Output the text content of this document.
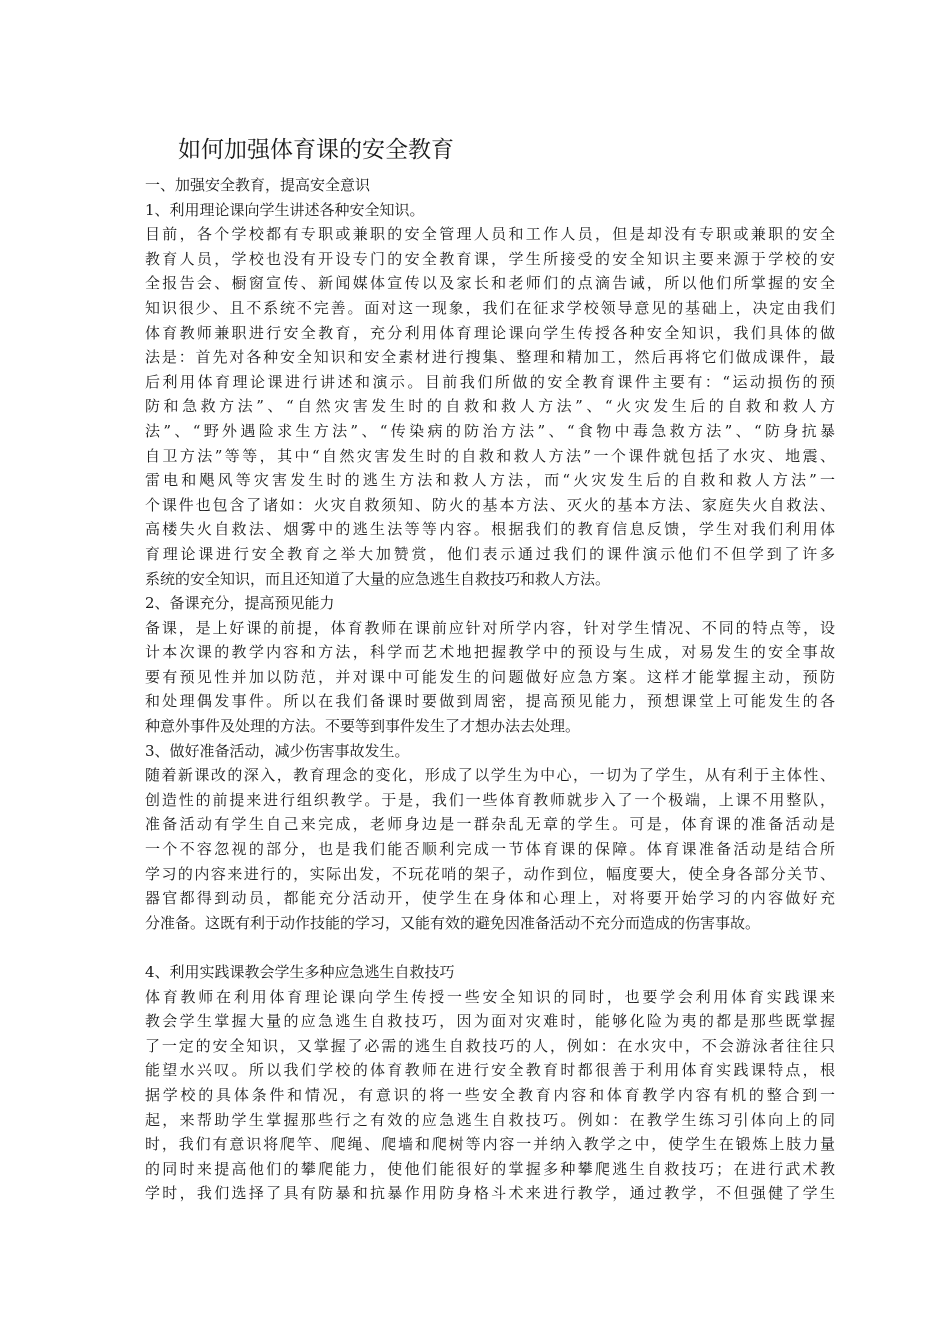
如何加强体育课的安全教育
一、加强安全教育，提高安全意识
1、利用理论课向学生讲述各种安全知识。
目前，各个学校都有专职或兼职的安全管理人员和工作人员，但是却没有专职或兼职的安全
教育人员，学校也没有开设专门的安全教育课，学生所接受的安全知识主要来源于学校的安
全报告会、橱窗宣传、新闻媒体宣传以及家长和老师们的点滴告诫，所以他们所掌握的安全
知识很少、且不系统不完善。面对这一现象，我们在征求学校领导意见的基础上，决定由我们
体育教师兼职进行安全教育，充分利用体育理论课向学生传授各种安全知识，我们具体的做
法是：首先对各种安全知识和安全素材进行搜集、整理和精加工，然后再将它们做成课件，最
后利用体育理论课进行讲述和演示。目前我们所做的安全教育课件主要有：“运动损伤的预
防和急救方法”、“自然灾害发生时的自救和救人方法”、“火灾发生后的自救和救人方
法”、“野外遇险求生方法”、“传染病的防治方法”、“食物中毒急救方法”、“防身抗暴
自卫方法”等等，其中“自然灾害发生时的自救和救人方法”一个课件就包括了水灾、地震、
雷电和飓风等灾害发生时的逃生方法和救人方法，而“火灾发生后的自救和救人方法”一
个课件也包含了诸如：火灾自救须知、防火的基本方法、灭火的基本方法、家庭失火自救法、
高楼失火自救法、烟雾中的逃生法等等内容。根据我们的教育信息反馈，学生对我们利用体
育理论课进行安全教育之举大加赞赏，他们表示通过我们的课件演示他们不但学到了许多
系统的安全知识，而且还知道了大量的应急逃生自救技巧和救人方法。
2、备课充分，提高预见能力
备课，是上好课的前提，体育教师在课前应针对所学内容，针对学生情况、不同的特点等，设
计本次课的教学内容和方法，科学而艺术地把握教学中的预设与生成，对易发生的安全事故
要有预见性并加以防范，并对课中可能发生的问题做好应急方案。这样才能掌握主动，预防
和处理偶发事件。所以在我们备课时要做到周密，提高预见能力，预想课堂上可能发生的各
种意外事件及处理的方法。不要等到事件发生了才想办法去处理。
3、做好准备活动，减少伤害事故发生。
随着新课改的深入，教育理念的变化，形成了以学生为中心，一切为了学生，从有利于主体性、
创造性的前提来进行组织教学。于是，我们一些体育教师就步入了一个极端，上课不用整队，
准备活动有学生自己来完成，老师身边是一群杂乱无章的学生。可是，体育课的准备活动是
一个不容忽视的部分，也是我们能否顺利完成一节体育课的保障。体育课准备活动是结合所
学习的内容来进行的，实际出发，不玩花哨的架子，动作到位，幅度要大，使全身各部分关节、
器官都得到动员，都能充分活动开，使学生在身体和心理上，对将要开始学习的内容做好充
分准备。这既有利于动作技能的学习，又能有效的避免因准备活动不充分而造成的伤害事故。
4、利用实践课教会学生多种应急逃生自救技巧
体育教师在利用体育理论课向学生传授一些安全知识的同时，也要学会利用体育实践课来
教会学生掌握大量的应急逃生自救技巧，因为面对灾难时，能够化险为夷的都是那些既掌握
了一定的安全知识，又掌握了必需的逃生自救技巧的人，例如：在水灾中，不会游泳者往往只
能望水兴叹。所以我们学校的体育教师在进行安全教育时都很善于利用体育实践课特点，根
据学校的具体条件和情况，有意识的将一些安全教育内容和体育教学内容有机的整合到一
起，来帮助学生掌握那些行之有效的应急逃生自救技巧。例如：在教学生练习引体向上的同
时，我们有意识将爬竿、爬绳、爬墙和爬树等内容一并纳入教学之中，使学生在锻炼上肢力量
的同时来提高他们的攀爬能力，使他们能很好的掌握多种攀爬逃生自救技巧；在进行武术教
学时，我们选择了具有防暴和抗暴作用防身格斗术来进行教学，通过教学，不但强健了学生
